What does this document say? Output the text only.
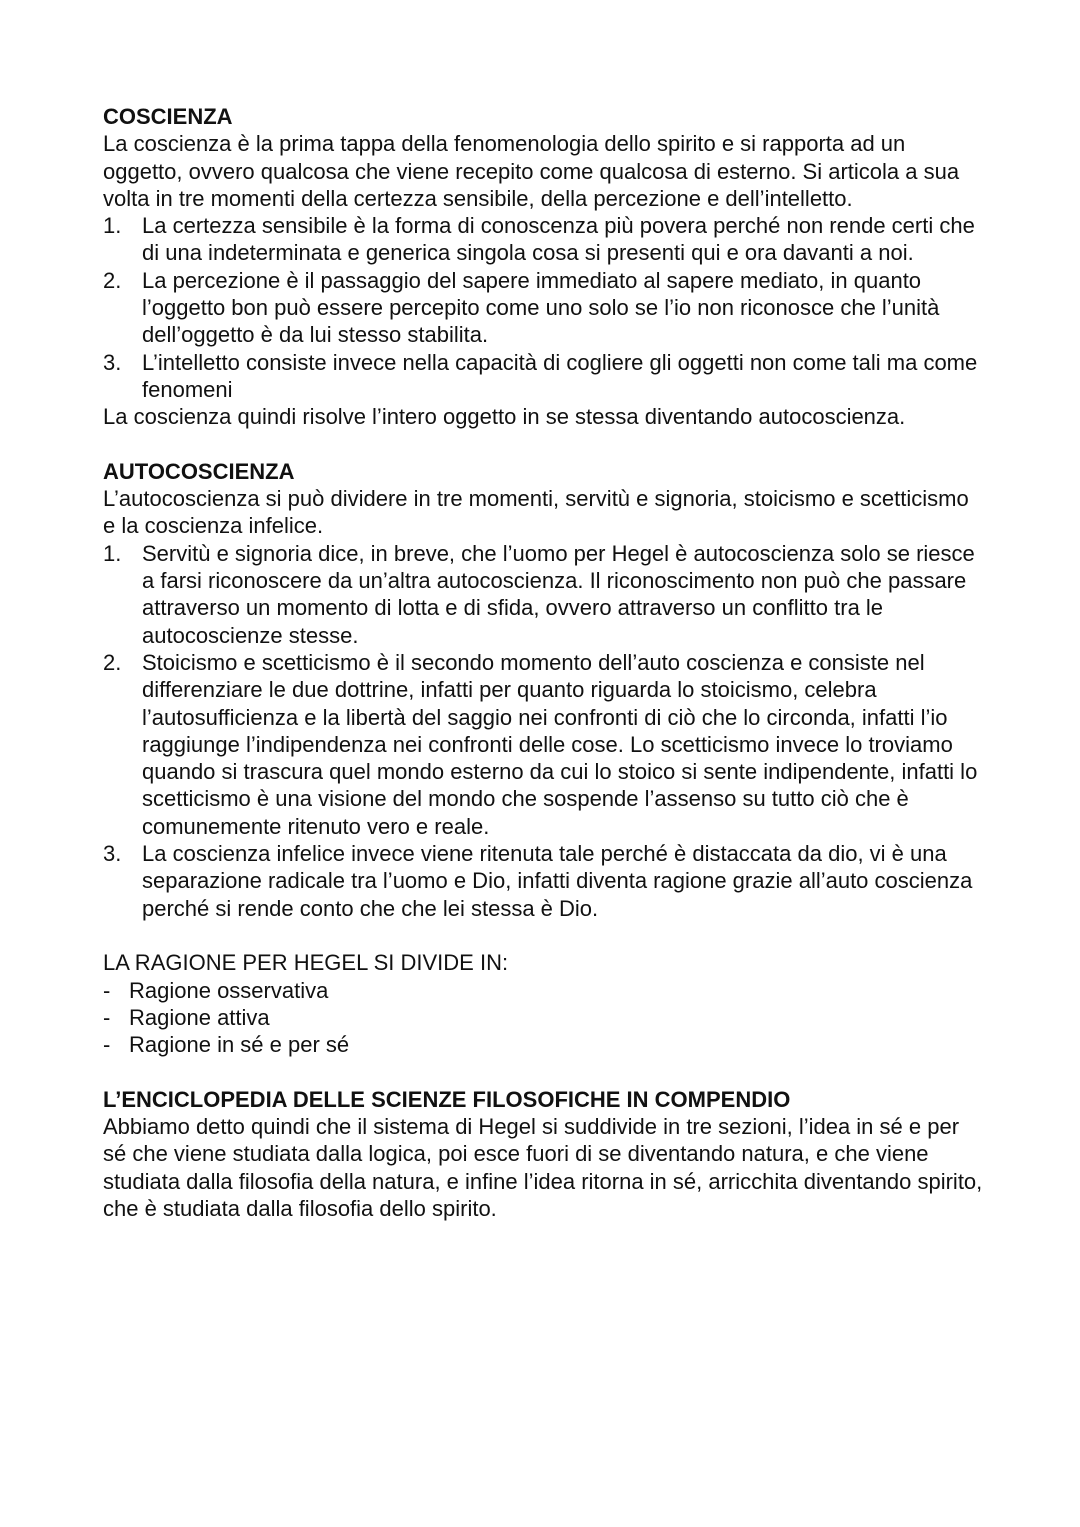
COSCIENZA

La coscienza è la prima tappa della fenomenologia dello spirito e si rapporta ad un oggetto, ovvero qualcosa che viene recepito come qualcosa di esterno. Si articola a sua volta in tre momenti della certezza sensibile, della percezione e dell’intelletto.

1. La certezza sensibile è la forma di conoscenza più povera perché non rende certi che di una indeterminata e generica singola cosa si presenti qui e ora davanti a noi.
2. La percezione è il passaggio del sapere immediato al sapere mediato, in quanto l’oggetto bon può essere percepito come uno solo se l’io non riconosce che l’unità dell’oggetto è da lui stesso stabilita.
3. L’intelletto consiste invece nella capacità di cogliere gli oggetti non come tali ma come fenomeni

La coscienza quindi risolve l’intero oggetto in se stessa diventando autocoscienza.

AUTOCOSCIENZA

L’autocoscienza si può dividere in tre momenti, servitù e signoria, stoicismo e scetticismo e la coscienza infelice.

1. Servitù e signoria dice, in breve, che l’uomo per Hegel è autocoscienza solo se riesce a farsi riconoscere da un’altra autocoscienza. Il riconoscimento non può che passare attraverso un momento di lotta e di sfida, ovvero attraverso un conflitto tra le autocoscienze stesse.
2. Stoicismo e scetticismo è il secondo momento dell’auto coscienza e consiste nel differenziare le due dottrine, infatti per quanto riguarda lo stoicismo, celebra l’autosufficienza e la libertà del saggio nei confronti di ciò che lo circonda, infatti l’io raggiunge l’indipendenza nei confronti delle cose. Lo scetticismo invece lo troviamo quando si trascura quel mondo esterno da cui lo stoico si sente indipendente, infatti lo scetticismo è una visione del mondo che sospende l’assenso su tutto ciò che è comunemente ritenuto vero e reale.
3. La coscienza infelice invece viene ritenuta tale perché è distaccata da dio, vi è una separazione radicale tra l’uomo e Dio, infatti diventa ragione grazie all’auto coscienza perché si rende conto che che lei stessa è Dio.

LA RAGIONE PER HEGEL SI DIVIDE IN:

- Ragione osservativa
- Ragione attiva
- Ragione in sé e per sé

L’ENCICLOPEDIA DELLE SCIENZE FILOSOFICHE IN COMPENDIO

Abbiamo detto quindi che il sistema di Hegel si suddivide in tre sezioni, l’idea in sé e per sé che viene studiata dalla logica, poi esce fuori di se diventando natura, e che viene studiata dalla filosofia della natura, e infine l’idea ritorna in sé, arricchita diventando spirito, che è studiata dalla filosofia dello spirito.
